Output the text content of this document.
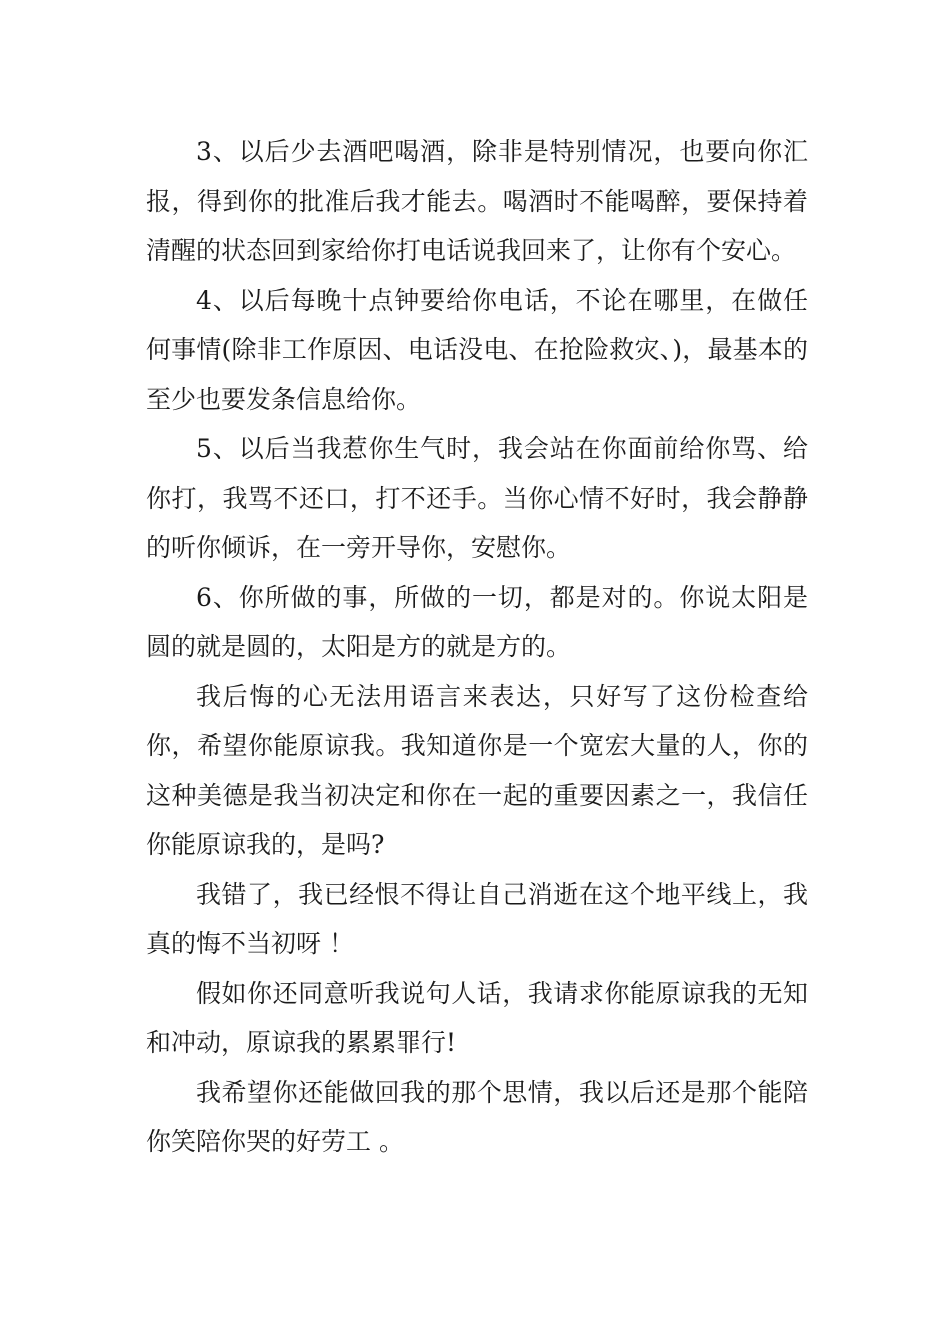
3、以后少去酒吧喝酒，除非是特别情况，也要向你汇报，得到你的批准后我才能去。喝酒时不能喝醉，要保持着清醒的状态回到家给你打电话说我回来了，让你有个安心。

4、以后每晚十点钟要给你电话，不论在哪里，在做任何事情(除非工作原因、电话没电、在抢险救灾、)，最基本的至少也要发条信息给你。

5、以后当我惹你生气时，我会站在你面前给你骂、给你打，我骂不还口，打不还手。当你心情不好时，我会静静的听你倾诉，在一旁开导你，安慰你。

6、你所做的事，所做的一切，都是对的。你说太阳是圆的就是圆的，太阳是方的就是方的。

我后悔的心无法用语言来表达，只好写了这份检查给你，希望你能原谅我。我知道你是一个宽宏大量的人，你的这种美德是我当初决定和你在一起的重要因素之一，我信任你能原谅我的，是吗?

我错了，我已经恨不得让自己消逝在这个地平线上，我真的悔不当初呀 ！

假如你还同意听我说句人话，我请求你能原谅我的无知和冲动，原谅我的累累罪行!

我希望你还能做回我的那个思情，我以后还是那个能陪你笑陪你哭的好劳工 。
